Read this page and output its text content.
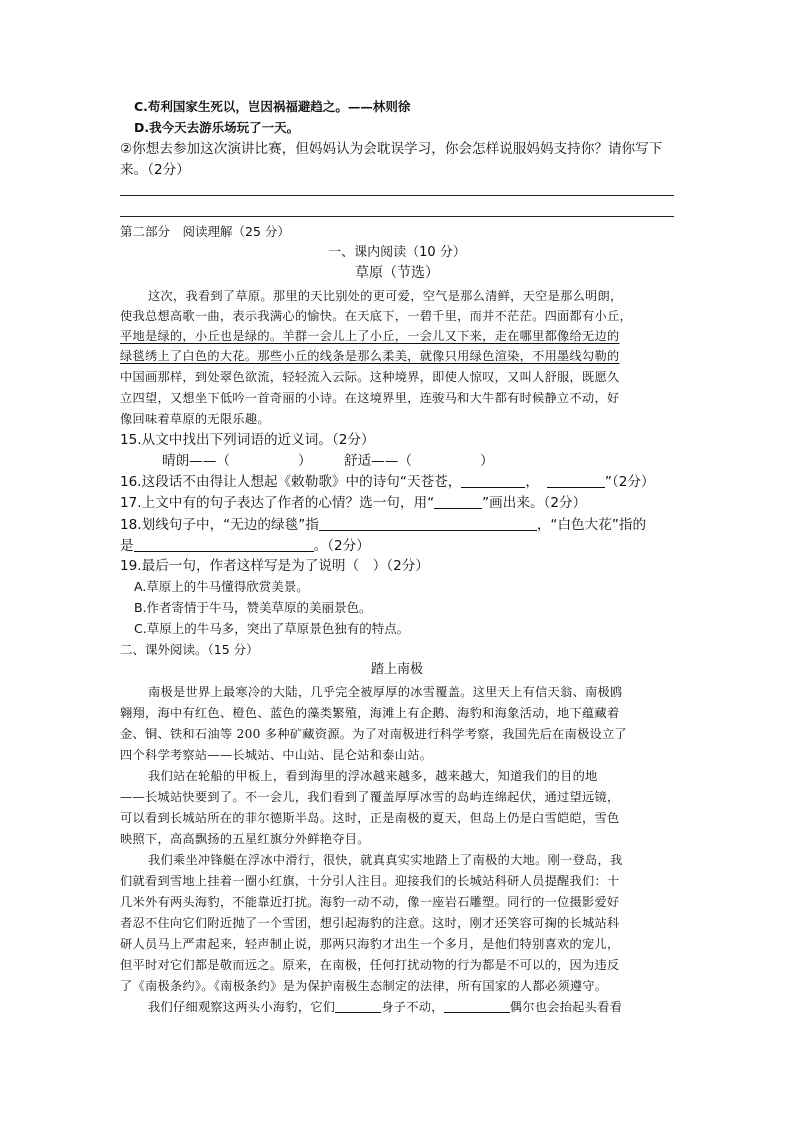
C.苟利国家生死以，岂因祸福避趋之。——林则徐
D.我今天去游乐场玩了一天。
②你想去参加这次演讲比赛，但妈妈认为会耽误学习，你会怎样说服妈妈支持你？请你写下
来。（2分）
第二部分　阅读理解（25 分）
一、课内阅读（10 分）
草原（节选）
这次，我看到了草原。那里的天比别处的更可爱，空气是那么清鲜，天空是那么明朗，
使我总想高歌一曲，表示我满心的愉快。在天底下，一碧千里，而并不茫茫。四面都有小丘，
平地是绿的，小丘也是绿的。羊群一会儿上了小丘，一会儿又下来，走在哪里都像给无边的
绿毯绣上了白色的大花。那些小丘的线条是那么柔美，就像只用绿色渲染，不用墨线勾勒的
中国画那样，到处翠色欲流，轻轻流入云际。这种境界，即使人惊叹，又叫人舒服，既愿久
立四望，又想坐下低吟一首奇丽的小诗。在这境界里，连骏马和大牛都有时候静立不动，好
像回味着草原的无限乐趣。
15.从文中找出下列词语的近义词。（2分）
晴朗——（	） 舒适——（	）
16.这段话不由得让人想起《敕勒歌》中的诗句“天苍苍，	，	”（2分）
17.上文中有的句子表达了作者的心情？选一句，用“	”画出来。（2分）
18.划线句子中，“无边的绿毯”指	，“白色大花”指的
是	。（2分）
19.最后一句，作者这样写是为了说明（　）（2分）
A.草原上的牛马懂得欣赏美景。
B.作者寄情于牛马，赞美草原的美丽景色。
C.草原上的牛马多，突出了草原景色独有的特点。
二、课外阅读。（15 分）
踏上南极
南极是世界上最寒冷的大陆，几乎完全被厚厚的冰雪覆盖。这里天上有信天翁、南极鸥
翱翔，海中有红色、橙色、蓝色的藻类繁殖，海滩上有企鹅、海豹和海象活动，地下蕴藏着
金、铜、铁和石油等 200 多种矿藏资源。为了对南极进行科学考察，我国先后在南极设立了
四个科学考察站——长城站、中山站、昆仑站和泰山站。
我们站在轮船的甲板上，看到海里的浮冰越来越多，越来越大，知道我们的目的地
——长城站快要到了。不一会儿，我们看到了覆盖厚厚冰雪的岛屿连绵起伏，通过望远镜，
可以看到长城站所在的菲尔德斯半岛。这时，正是南极的夏天，但岛上仍是白雪皑皑，雪色
映照下，高高飘扬的五星红旗分外鲜艳夺目。
我们乘坐冲锋艇在浮冰中滑行，很快，就真真实实地踏上了南极的大地。刚一登岛，我
们就看到雪地上挂着一圈小红旗，十分引人注目。迎接我们的长城站科研人员提醒我们：十
几米外有两头海豹，不能靠近打扰。海豹一动不动，像一座岩石雕塑。同行的一位摄影爱好
者忍不住向它们附近抛了一个雪团，想引起海豹的注意。这时，刚才还笑容可掬的长城站科
研人员马上严肃起来，轻声制止说，那两只海豹才出生一个多月，是他们特别喜欢的宠儿，
但平时对它们都是敬而远之。原来，在南极，任何打扰动物的行为都是不可以的，因为违反
了《南极条约》。《南极条约》是为保护南极生态制定的法律，所有国家的人都必须遵守。
我们仔细观察这两头小海豹，它们	身子不动，	偶尔也会抬起头看看
